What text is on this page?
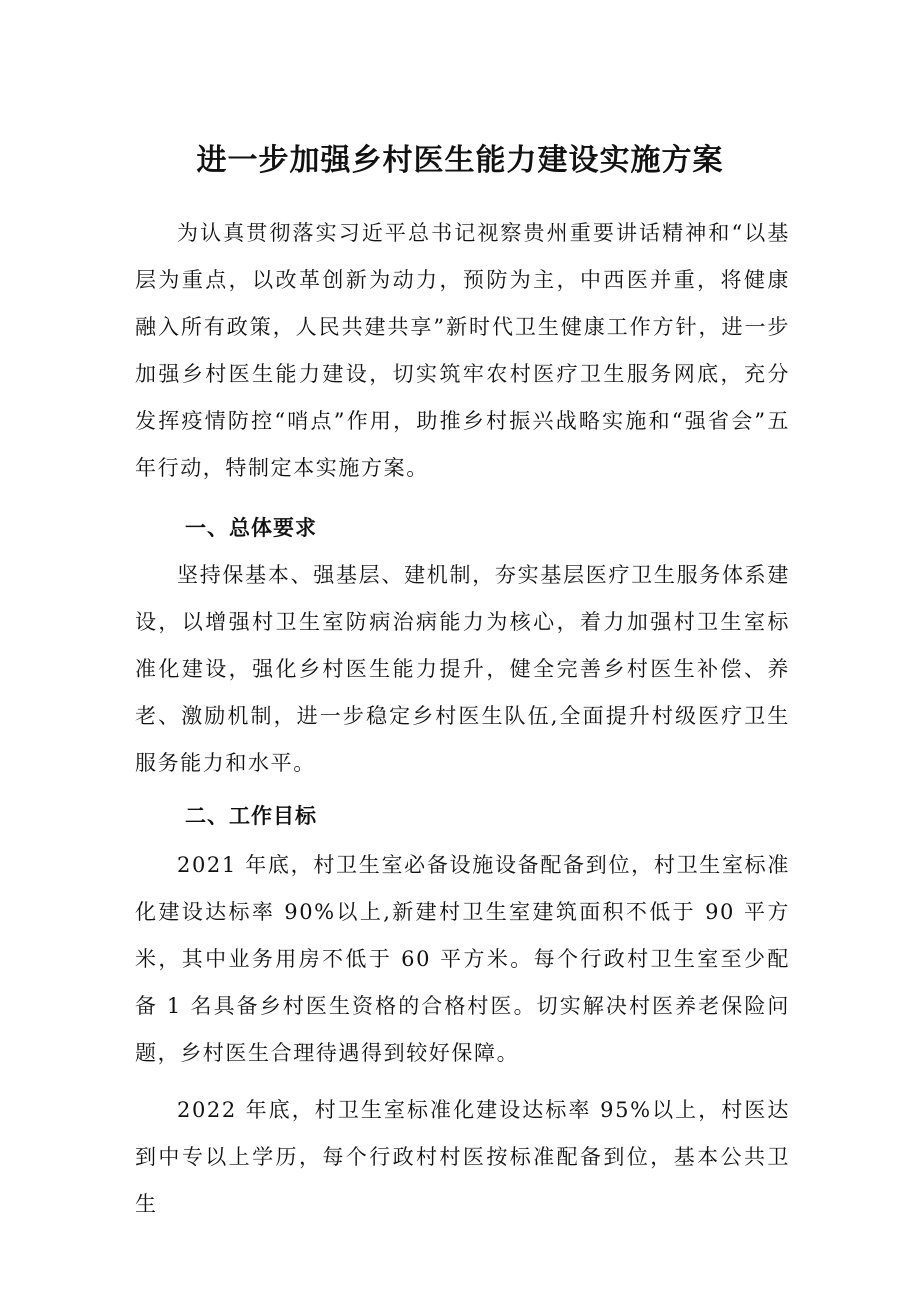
进一步加强乡村医生能力建设实施方案

为认真贯彻落实习近平总书记视察贵州重要讲话精神和“以基层为重点，以改革创新为动力，预防为主，中西医并重，将健康融入所有政策，人民共建共享”新时代卫生健康工作方针，进一步加强乡村医生能力建设，切实筑牢农村医疗卫生服务网底，充分发挥疫情防控“哨点”作用，助推乡村振兴战略实施和“强省会”五年行动，特制定本实施方案。

一、总体要求

坚持保基本、强基层、建机制，夯实基层医疗卫生服务体系建设，以增强村卫生室防病治病能力为核心，着力加强村卫生室标准化建设，强化乡村医生能力提升，健全完善乡村医生补偿、养老、激励机制，进一步稳定乡村医生队伍,全面提升村级医疗卫生服务能力和水平。

二、工作目标

2021 年底，村卫生室必备设施设备配备到位，村卫生室标准化建设达标率 90%以上,新建村卫生室建筑面积不低于 90 平方米，其中业务用房不低于 60 平方米。每个行政村卫生室至少配备 1 名具备乡村医生资格的合格村医。切实解决村医养老保险问题，乡村医生合理待遇得到较好保障。

2022 年底，村卫生室标准化建设达标率 95%以上，村医达到中专以上学历，每个行政村村医按标准配备到位，基本公共卫生
